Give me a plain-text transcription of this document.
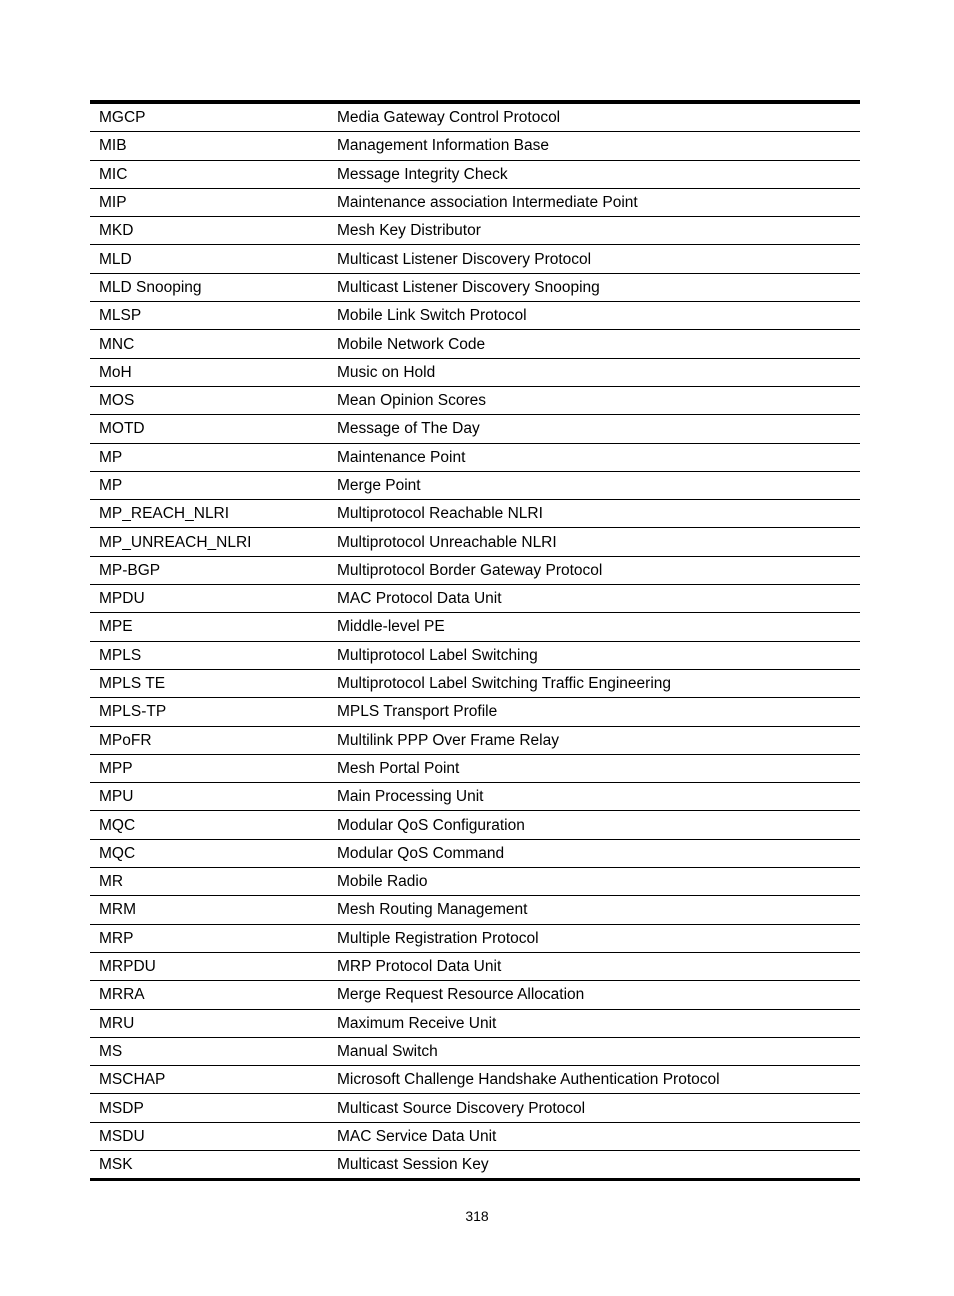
MGCP	Media Gateway Control Protocol
MIB	Management Information Base
MIC	Message Integrity Check
MIP	Maintenance association Intermediate Point
MKD	Mesh Key Distributor
MLD	Multicast Listener Discovery Protocol
MLD Snooping	Multicast Listener Discovery Snooping
MLSP	Mobile Link Switch Protocol
MNC	Mobile Network Code
MoH	Music on Hold
MOS	Mean Opinion Scores
MOTD	Message of The Day
MP	Maintenance Point
MP	Merge Point
MP_REACH_NLRI	Multiprotocol Reachable NLRI
MP_UNREACH_NLRI	Multiprotocol Unreachable NLRI
MP-BGP	Multiprotocol Border Gateway Protocol
MPDU	MAC Protocol Data Unit
MPE	Middle-level PE
MPLS	Multiprotocol Label Switching
MPLS TE	Multiprotocol Label Switching Traffic Engineering
MPLS-TP	MPLS Transport Profile
MPoFR	Multilink PPP Over Frame Relay
MPP	Mesh Portal Point
MPU	Main Processing Unit
MQC	Modular QoS Configuration
MQC	Modular QoS Command
MR	Mobile Radio
MRM	Mesh Routing Management
MRP	Multiple Registration Protocol
MRPDU	MRP Protocol Data Unit
MRRA	Merge Request Resource Allocation
MRU	Maximum Receive Unit
MS	Manual Switch
MSCHAP	Microsoft Challenge Handshake Authentication Protocol
MSDP	Multicast Source Discovery Protocol
MSDU	MAC Service Data Unit
MSK	Multicast Session Key
318
